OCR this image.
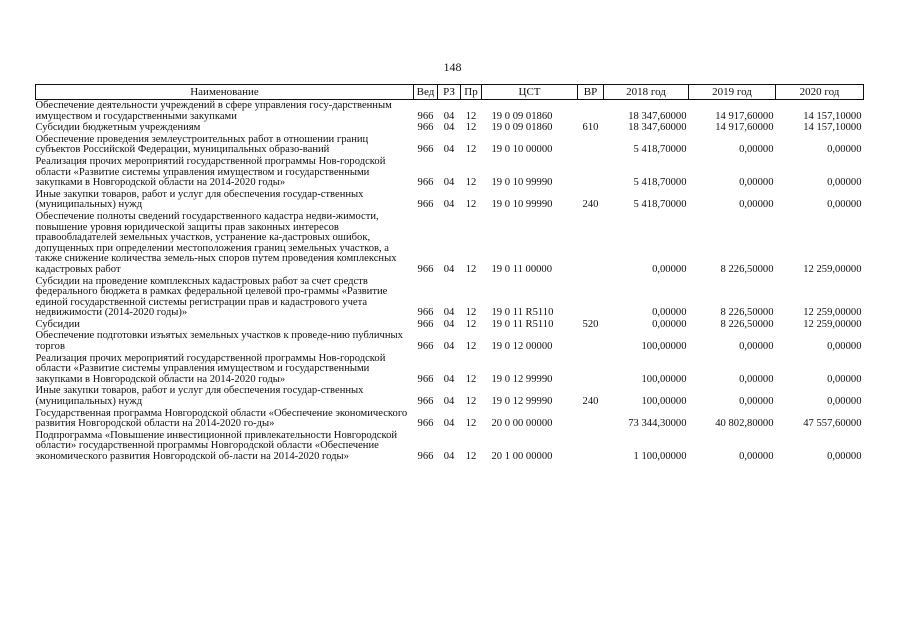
148
Наименование	Вед	РЗ	Пр	ЦСТ	ВР	2018 год	2019 год	2020 год
Обеспечение деятельности учреждений в сфере управления госу-дарственным имуществом и государственными закупками	966	04	12	19 0 09 01860		18 347,60000	14 917,60000	14 157,10000
Субсидии бюджетным учреждениям	966	04	12	19 0 09 01860	610	18 347,60000	14 917,60000	14 157,10000
Обеспечение проведения землеустроительных работ в отношении границ субъектов Российской Федерации, муниципальных образо-ваний	966	04	12	19 0 10 00000		5 418,70000	0,00000	0,00000
Реализация прочих мероприятий государственной программы Нов-городской области «Развитие системы управления имуществом и государственными закупками в Новгородской области на 2014-2020 годы»	966	04	12	19 0 10 99990		5 418,70000	0,00000	0,00000
Иные закупки товаров, работ и услуг для обеспечения государ-ственных (муниципальных) нужд	966	04	12	19 0 10 99990	240	5 418,70000	0,00000	0,00000
Обеспечение полноты сведений государственного кадастра недви-жимости, повышение уровня юридической защиты прав законных интересов правообладателей земельных участков, устранение ка-дастровых ошибок, допущенных при определении местоположения границ земельных участков, а также снижение количества земель-ных споров путем проведения комплексных кадастровых работ	966	04	12	19 0 11 00000		0,00000	8 226,50000	12 259,00000
Субсидии на проведение комплексных кадастровых работ за счет средств федерального бюджета в рамках федеральной целевой про-граммы «Развитие единой государственной системы регистрации прав и кадастрового учета недвижимости (2014-2020 годы)»	966	04	12	19 0 11 R5110		0,00000	8 226,50000	12 259,00000
Субсидии	966	04	12	19 0 11 R5110	520	0,00000	8 226,50000	12 259,00000
Обеспечение подготовки изъятых земельных участков к проведе-нию публичных торгов	966	04	12	19 0 12 00000		100,00000	0,00000	0,00000
Реализация прочих мероприятий государственной программы Нов-городской области «Развитие системы управления имуществом и государственными закупками в Новгородской области на 2014-2020 годы»	966	04	12	19 0 12 99990		100,00000	0,00000	0,00000
Иные закупки товаров, работ и услуг для обеспечения государ-ственных (муниципальных) нужд	966	04	12	19 0 12 99990	240	100,00000	0,00000	0,00000
Государственная программа Новгородской области «Обеспечение экономического развития Новгородской области на 2014-2020 го-ды»	966	04	12	20 0 00 00000		73 344,30000	40 802,80000	47 557,60000
Подпрограмма «Повышение инвестиционной привлекательности Новгородской области» государственной программы Новгородской области «Обеспечение экономического развития Новгородской об-ласти на 2014-2020 годы»	966	04	12	20 1 00 00000		1 100,00000	0,00000	0,00000
